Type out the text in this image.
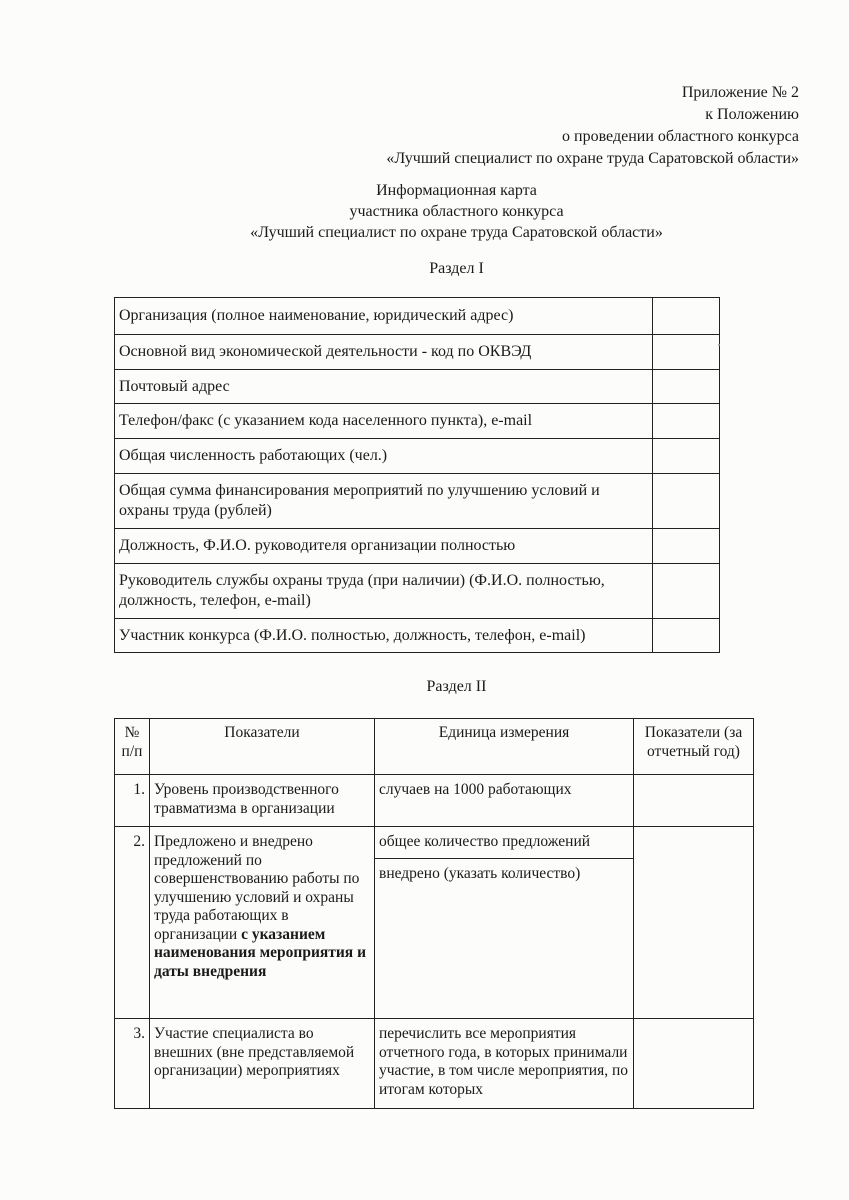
Приложение № 2
к Положению
о проведении областного конкурса
«Лучший специалист по охране труда Саратовской области»
Информационная карта
участника областного конкурса
«Лучший специалист по охране труда Саратовской области»
Раздел I
Организация (полное наименование, юридический адрес)	
Основной вид экономической деятельности - код по ОКВЭД	
Почтовый адрес	
Телефон/факс (с указанием кода населенного пункта), e-mail	
Общая численность работающих (чел.)	
Общая сумма финансирования мероприятий по улучшению условий и охраны труда (рублей)	
Должность, Ф.И.О. руководителя организации полностью	
Руководитель службы охраны труда (при наличии) (Ф.И.О. полностью, должность, телефон, e-mail)	
Участник конкурса (Ф.И.О. полностью, должность, телефон, e-mail)	
Раздел II
№ п/п	Показатели	Единица измерения	Показатели (за отчетный год)
1.	Уровень производственного травматизма в организации	случаев на 1000 работающих	
2.	Предложено и внедрено предложений по совершенствованию работы по улучшению условий и охраны труда работающих в организации с указанием наименования мероприятия и даты внедрения	общее количество предложений
внедрено (указать количество)	

3.	Участие специалиста во внешних (вне представляемой организации) мероприятиях	перечислить все мероприятия отчетного года, в которых принимали участие, в том числе мероприятия, по итогам которых	
